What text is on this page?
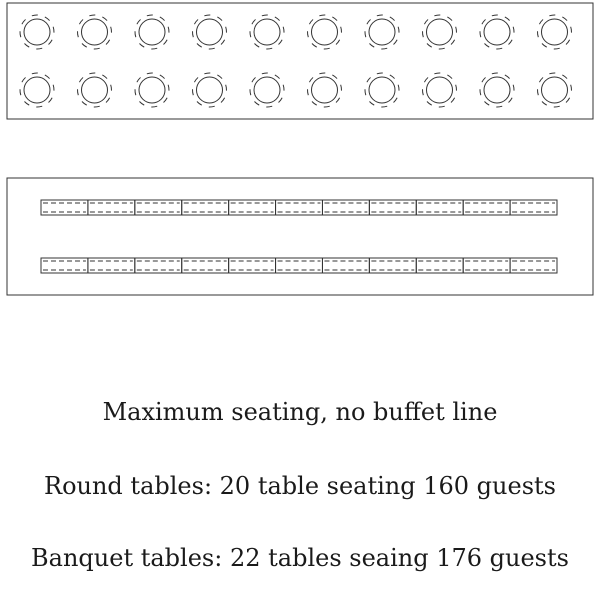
Maximum seating, no buffet line
Round tables: 20 table seating 160 guests
Banquet tables: 22 tables seaing 176 guests
